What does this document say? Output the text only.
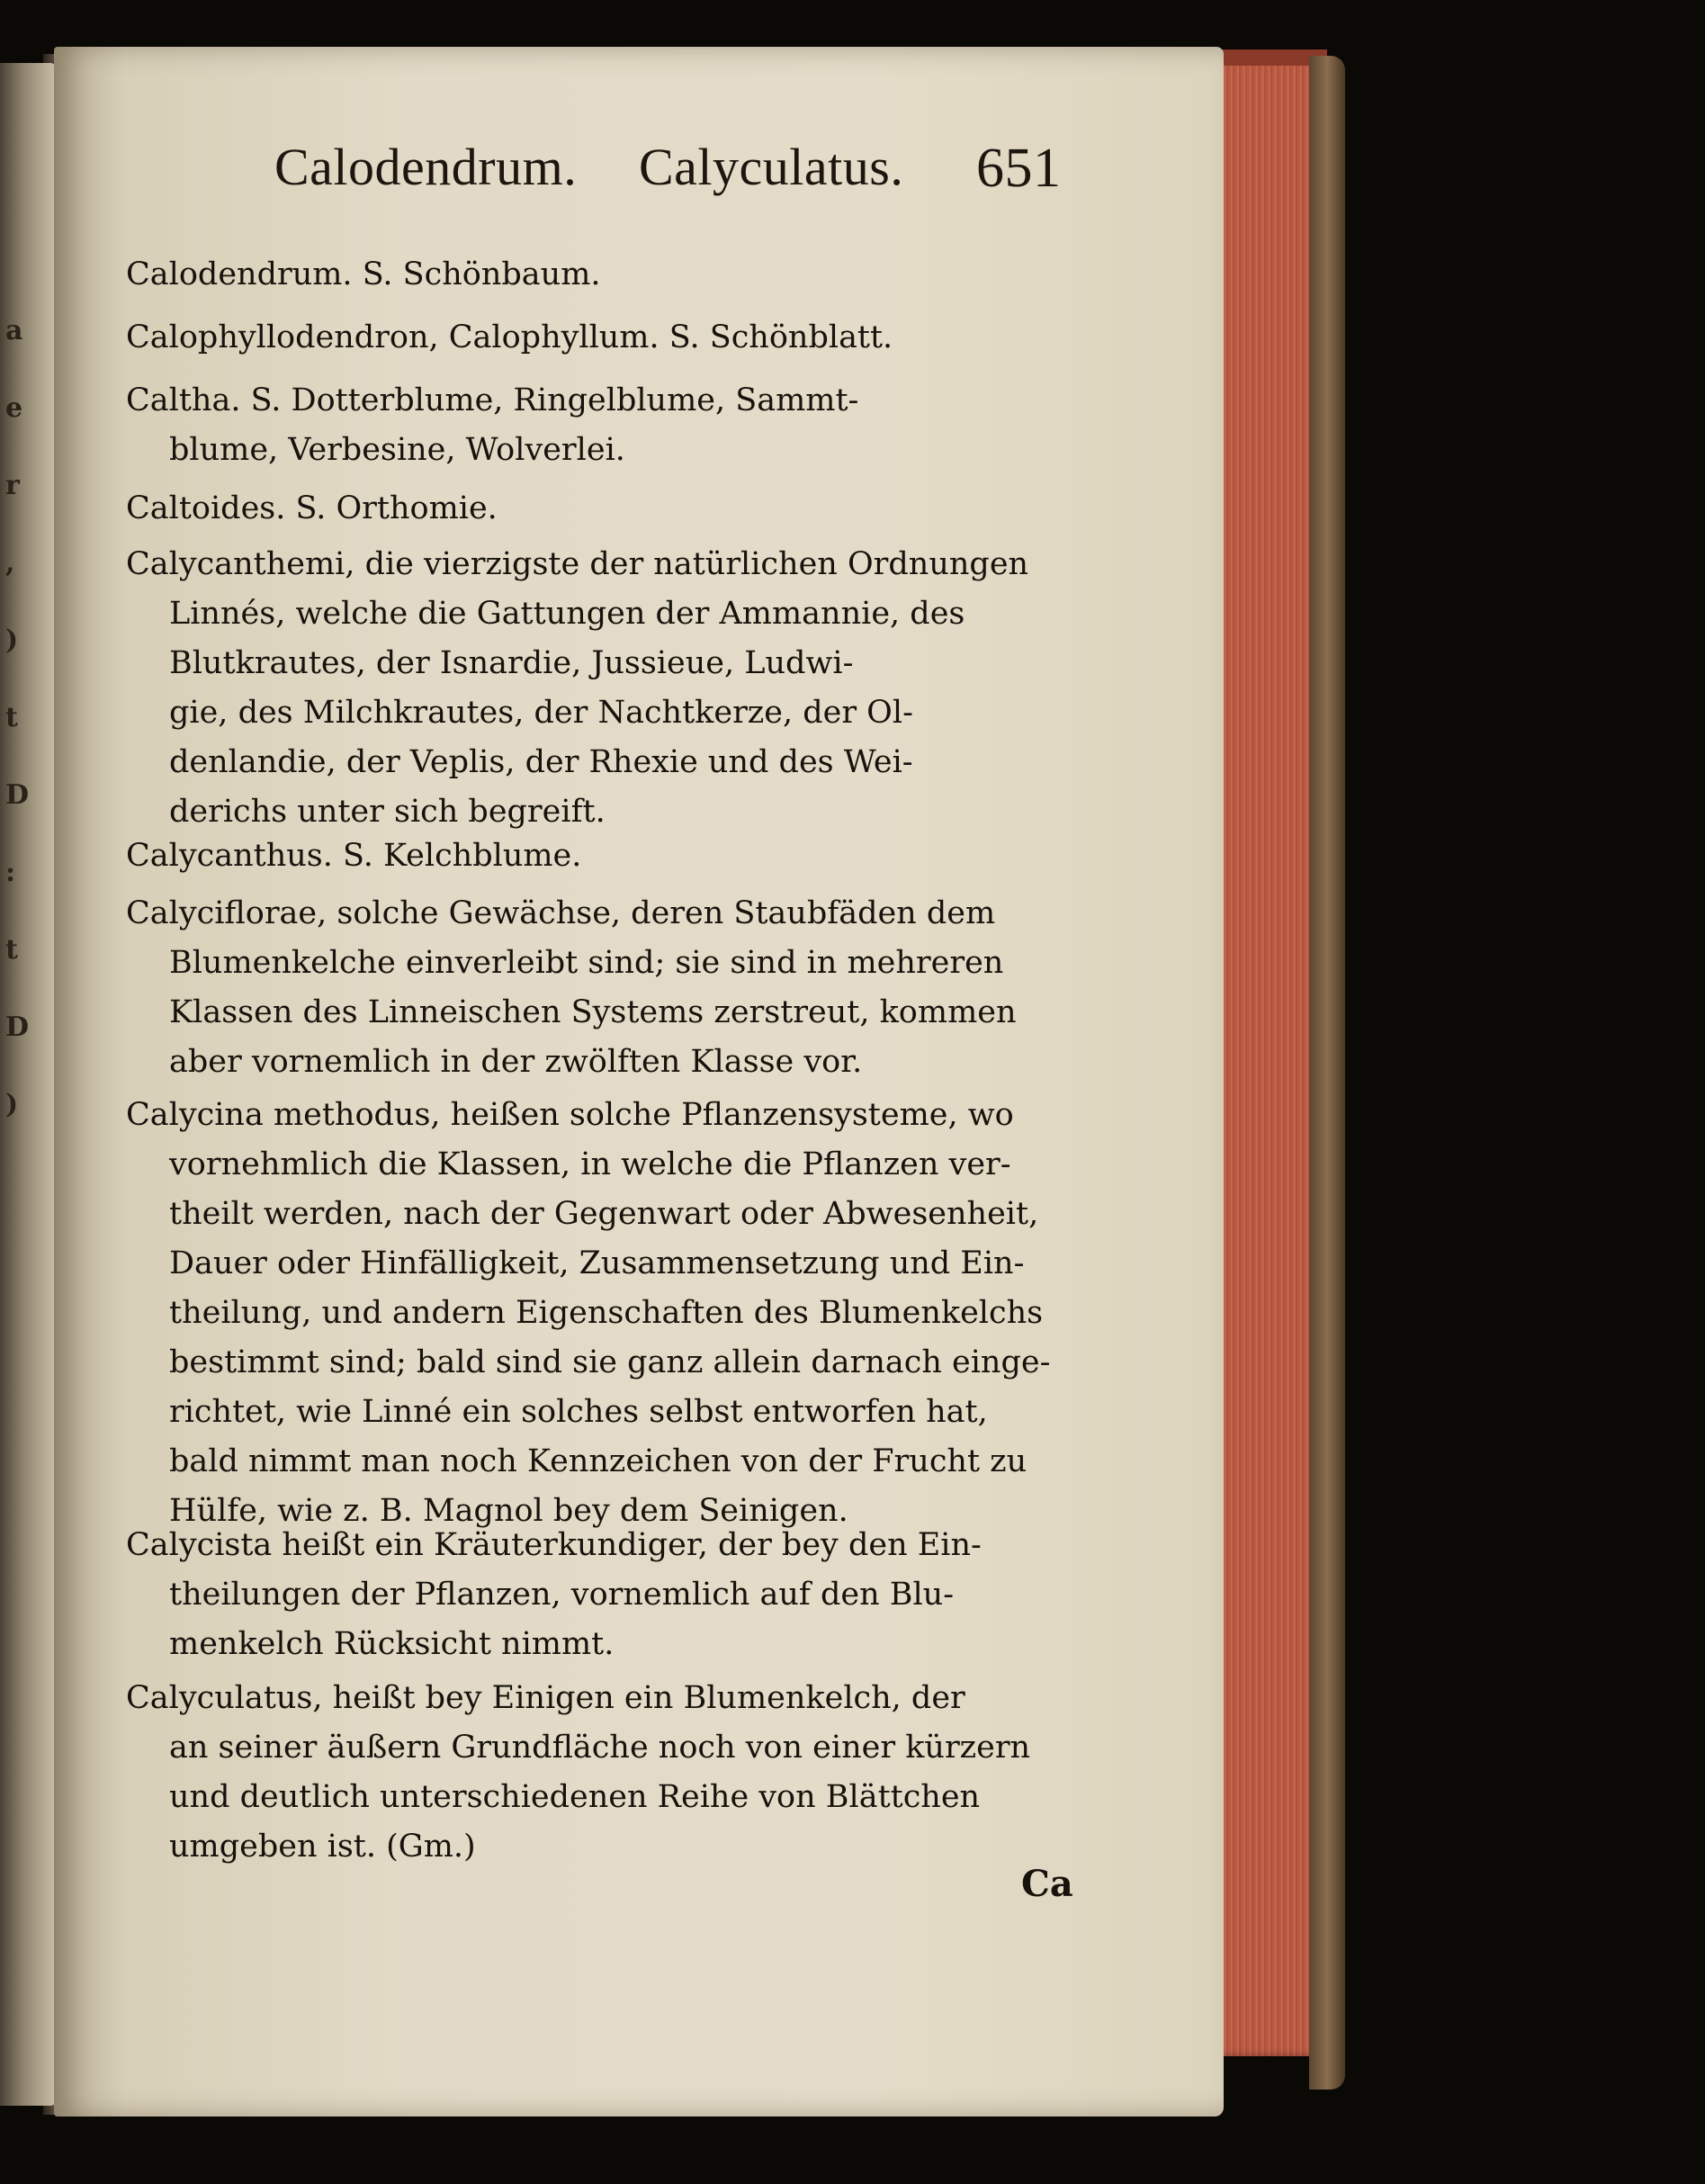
a
e
r
,
)
t
D
:
t
D
)
Calodendrum. Calyculatus. 651
Calodendrum. S. Schönbaum.
Calophyllodendron, Calophyllum. S. Schönblatt.
Caltha. S. Dotterblume, Ringelblume, Sammt-
blume, Verbesine, Wolverlei.
Caltoides. S. Orthomie.
Calycanthemi, die vierzigste der natürlichen Ordnungen
Linnés, welche die Gattungen der Ammannie, des
Blutkrautes, der Isnardie, Jussieue, Ludwi-
gie, des Milchkrautes, der Nachtkerze, der Ol-
denlandie, der Veplis, der Rhexie und des Wei-
derichs unter sich begreift.
Calycanthus. S. Kelchblume.
Calyciflorae, solche Gewächse, deren Staubfäden dem
Blumenkelche einverleibt sind; sie sind in mehreren
Klassen des Linneischen Systems zerstreut, kommen
aber vornemlich in der zwölften Klasse vor.
Calycina methodus, heißen solche Pflanzensysteme, wo
vornehmlich die Klassen, in welche die Pflanzen ver-
theilt werden, nach der Gegenwart oder Abwesenheit,
Dauer oder Hinfälligkeit, Zusammensetzung und Ein-
theilung, und andern Eigenschaften des Blumenkelchs
bestimmt sind; bald sind sie ganz allein darnach einge-
richtet, wie Linné ein solches selbst entworfen hat,
bald nimmt man noch Kennzeichen von der Frucht zu
Hülfe, wie z. B. Magnol bey dem Seinigen.
Calycista heißt ein Kräuterkundiger, der bey den Ein-
theilungen der Pflanzen, vornemlich auf den Blu-
menkelch Rücksicht nimmt.
Calyculatus, heißt bey Einigen ein Blumenkelch, der
an seiner äußern Grundfläche noch von einer kürzern
und deutlich unterschiedenen Reihe von Blättchen
umgeben ist. (Gm.)
Ca
